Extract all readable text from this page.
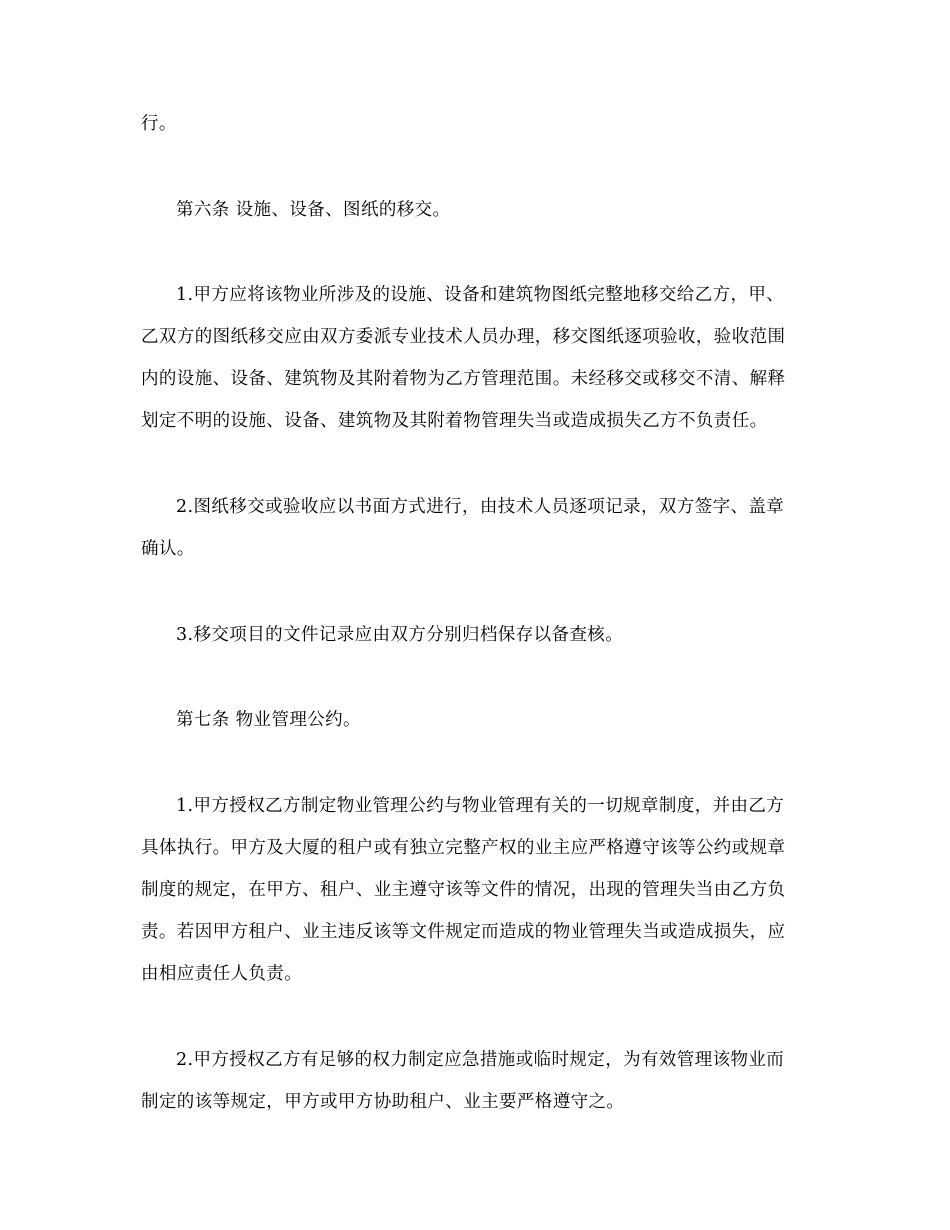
行。
第六条 设施、设备、图纸的移交。
1.甲方应将该物业所涉及的设施、设备和建筑物图纸完整地移交给乙方，甲、
乙双方的图纸移交应由双方委派专业技术人员办理，移交图纸逐项验收，验收范围
内的设施、设备、建筑物及其附着物为乙方管理范围。未经移交或移交不清、解释
划定不明的设施、设备、建筑物及其附着物管理失当或造成损失乙方不负责任。
2.图纸移交或验收应以书面方式进行，由技术人员逐项记录，双方签字、盖章
确认。
3.移交项目的文件记录应由双方分别归档保存以备查核。
第七条 物业管理公约。
1.甲方授权乙方制定物业管理公约与物业管理有关的一切规章制度，并由乙方
具体执行。甲方及大厦的租户或有独立完整产权的业主应严格遵守该等公约或规章
制度的规定，在甲方、租户、业主遵守该等文件的情况，出现的管理失当由乙方负
责。若因甲方租户、业主违反该等文件规定而造成的物业管理失当或造成损失，应
由相应责任人负责。
2.甲方授权乙方有足够的权力制定应急措施或临时规定，为有效管理该物业而
制定的该等规定，甲方或甲方协助租户、业主要严格遵守之。
